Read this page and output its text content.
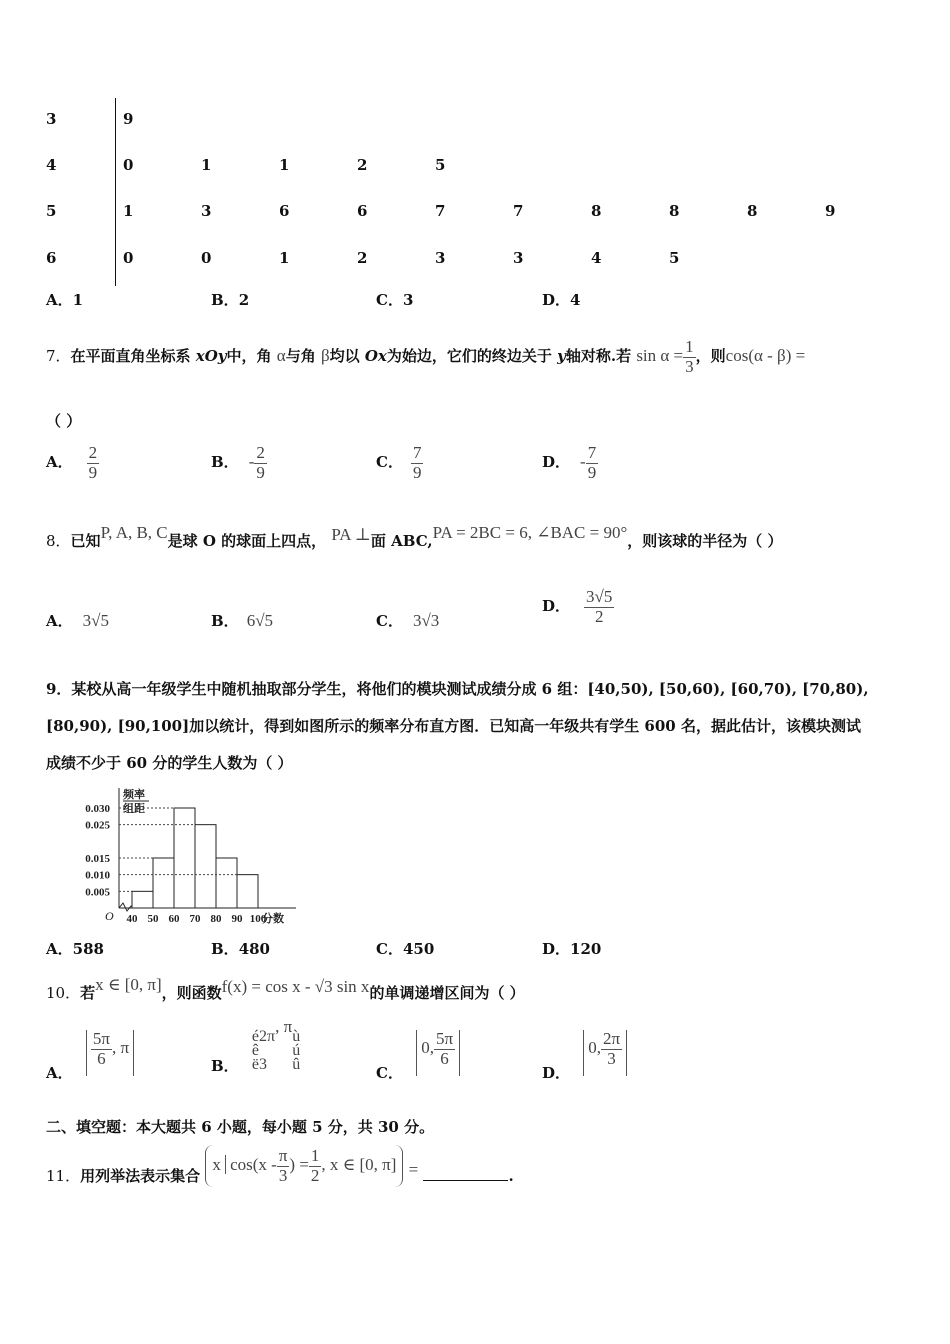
3	9
4	0	1	1	2	5
5	1	3	6	6	7	7	8	8	8	9
6	0	0	1	2	3	3	4	5
A．1	B．2	C．3	D．4
7．在平面直角坐标系 xOy中，角 α与角 β均以 Ox为始边，它们的终边关于 y轴对称.若 $\sin \alpha = \frac{1}{3}$ ，则cos(α - β) =
（ ）
A． $\frac{2}{9}$	B． - $\frac{2}{9}$	C． $\frac{7}{9}$	D． - $\frac{7}{9}$
8．已知P, A, B, C是球 O 的球面上四点， PA ⊥面 ABC,PA = 2BC = 6, ∠BAC = 90°，则该球的半径为（ ）
A． 3√5	B． 6√5	C． 3√3
D． $\frac{3√5}{2}$
9．某校从高一年级学生中随机抽取部分学生，将他们的模块测试成绩分成 6 组：[40,50), [50,60), [60,70), [70,80),
[80,90), [90,100]加以统计，得到如图所示的频率分布直方图．已知高一年级共有学生 600 名，据此估计，该模块测试
成绩不少于 60 分的学生人数为（ ）
频率
组距
0.030
0.025
0.015
0.010
0.005
40 50 60 70 80 90 100
分数
O
A．588	B．480	C．450	D．120
10．若x ∈ [0, π]，则函数f(x) = cos x - √3 sin x的单调递增区间为（ ）
A．
$\frac{5\pi}{6}$ , π
B．
é2π
ê
ë3
, π
ù
ú
û	C． 0, $\frac{5\pi}{6}$
D． 0, $\frac{2\pi}{3}$
二、填空题：本大题共 6 小题，每小题 5 分，共 30 分。
11．用列举法表示集合 x $\cos(x - \frac{\pi}{3}$ ) = $\frac{1}{2}$ , x ∈ [0, π] =	.
